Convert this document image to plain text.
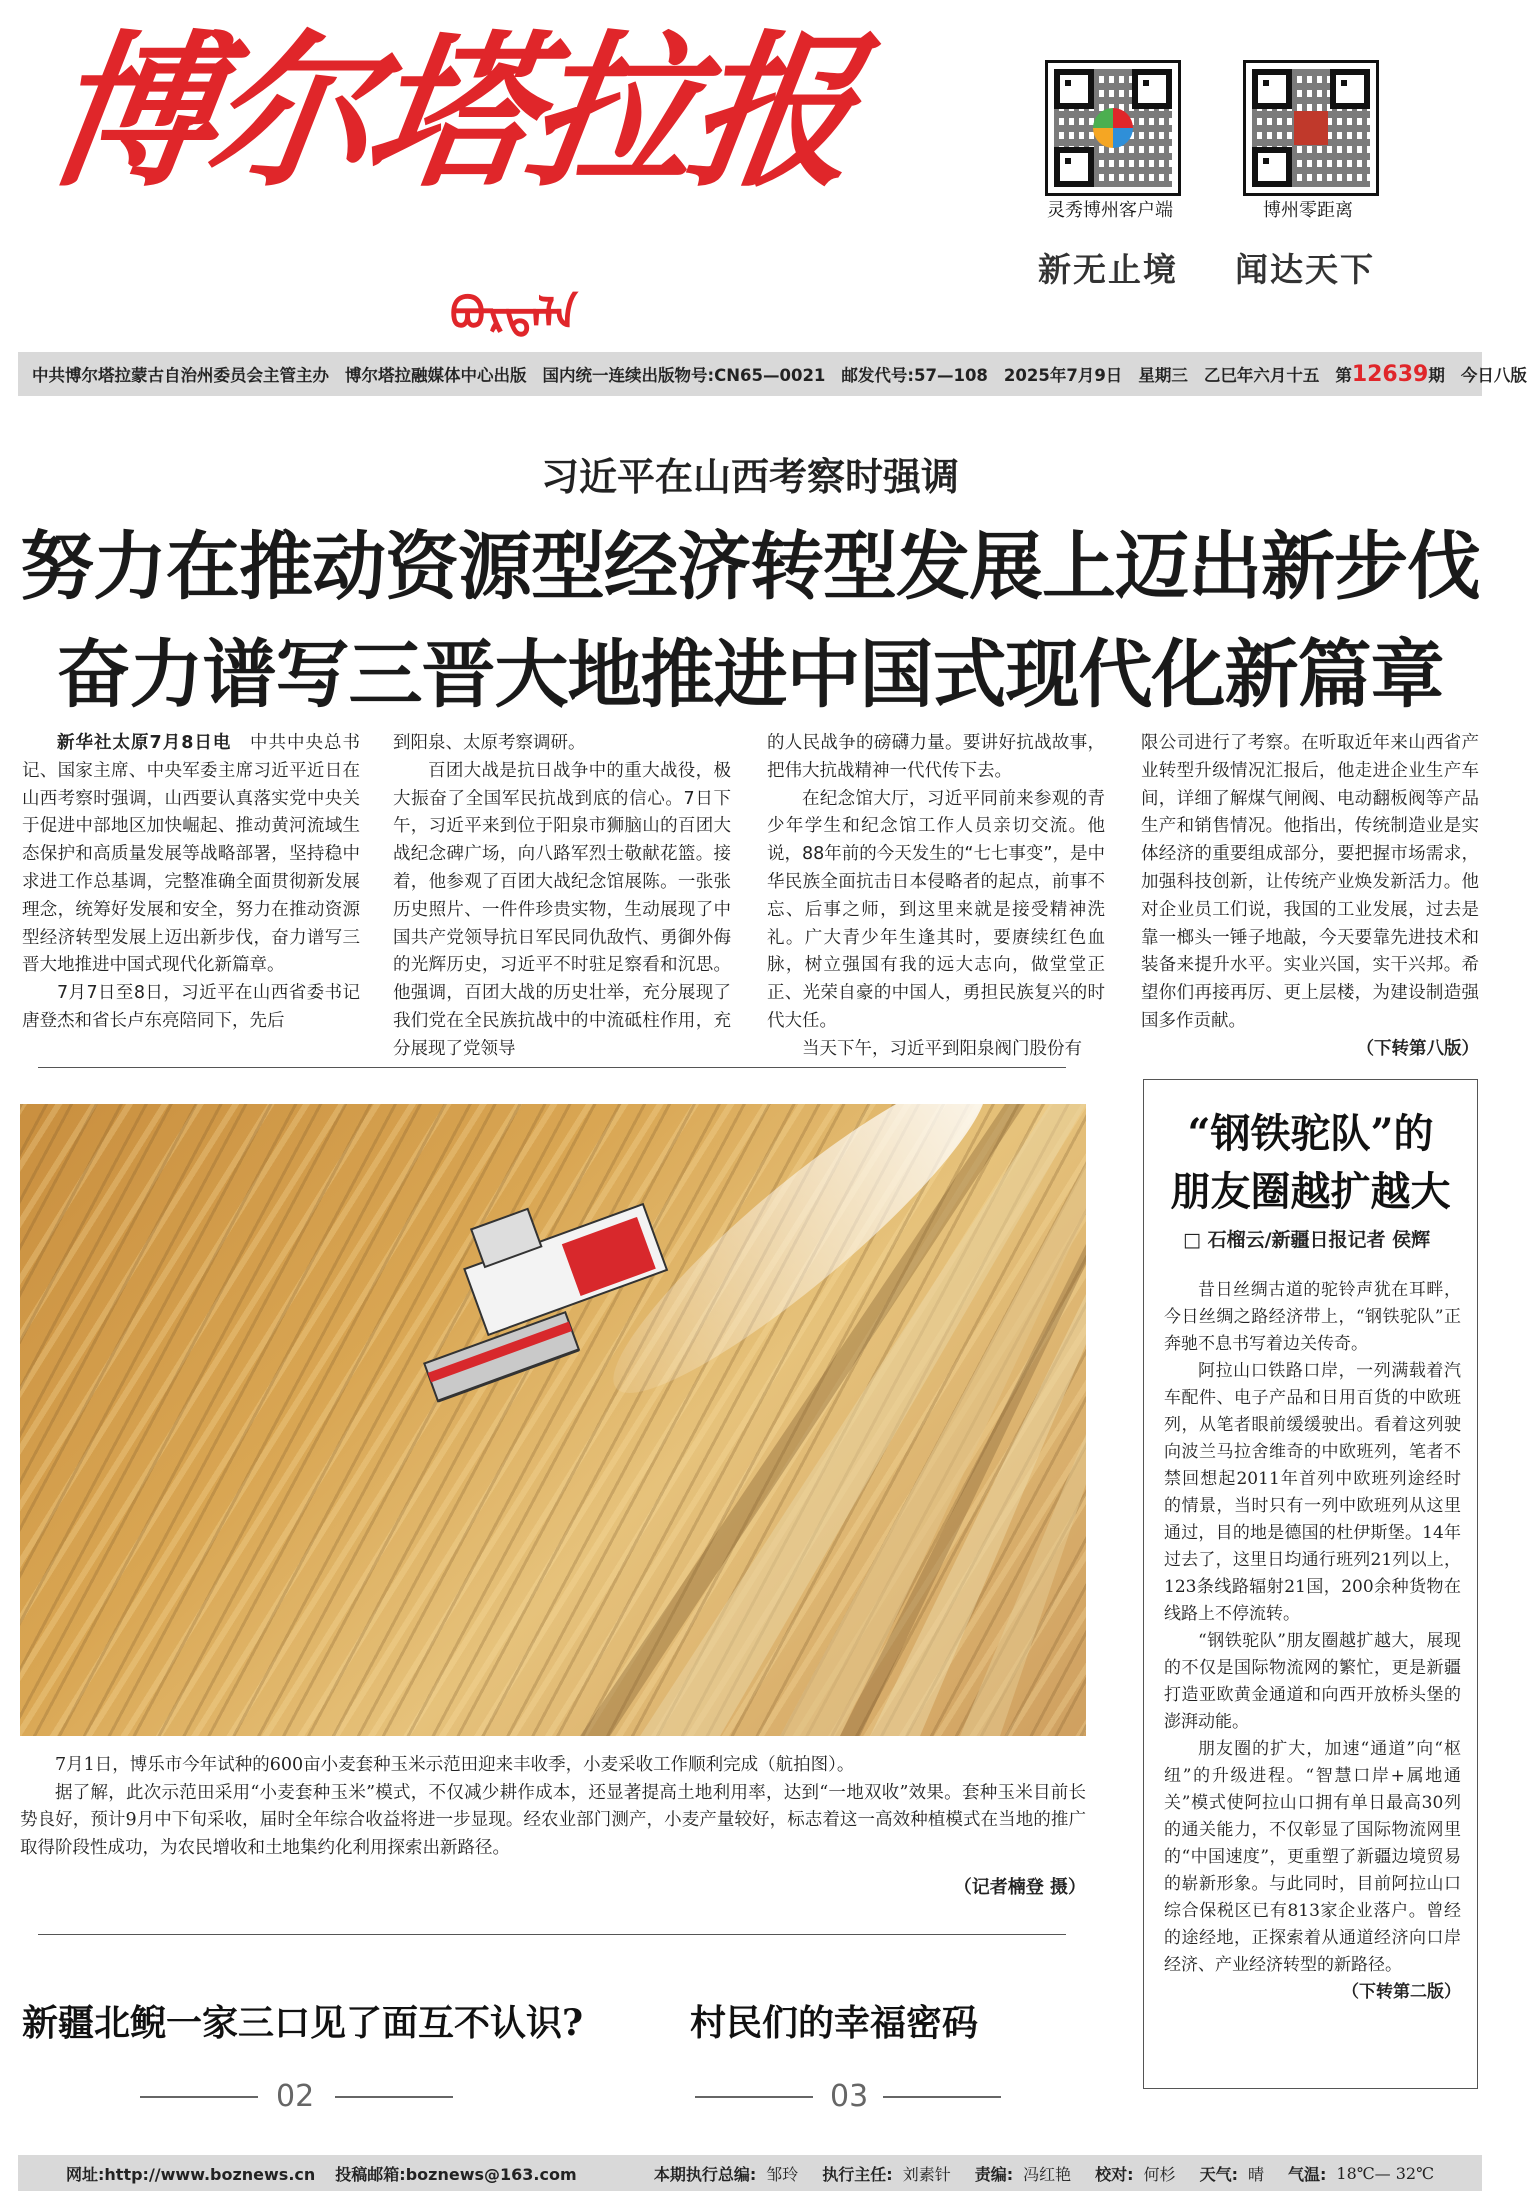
博尔塔拉报
ᠪᠣᠷᠲᠠᠯᠠ
灵秀博州客户端	博州零距离
新无止境 闻达天下
中共博尔塔拉蒙古自治州委员会主管主办 博尔塔拉融媒体中心出版 国内统一连续出版物号:CN65—0021 邮发代号:57—108 2025年7月9日 星期三 乙巳年六月十五 第12639期 今日八版
习近平在山西考察时强调
努力在推动资源型经济转型发展上迈出新步伐
奋力谱写三晋大地推进中国式现代化新篇章

新华社太原7月8日电  中共中央总书记、国家主席、中央军委主席习近平近日在山西考察时强调，山西要认真落实党中央关于促进中部地区加快崛起、推动黄河流域生态保护和高质量发展等战略部署，坚持稳中求进工作总基调，完整准确全面贯彻新发展理念，统筹好发展和安全，努力在推动资源型经济转型发展上迈出新步伐，奋力谱写三晋大地推进中国式现代化新篇章。

7月7日至8日，习近平在山西省委书记唐登杰和省长卢东亮陪同下，先后

到阳泉、太原考察调研。

百团大战是抗日战争中的重大战役，极大振奋了全国军民抗战到底的信心。7日下午，习近平来到位于阳泉市狮脑山的百团大战纪念碑广场，向八路军烈士敬献花篮。接着，他参观了百团大战纪念馆展陈。一张张历史照片、一件件珍贵实物，生动展现了中国共产党领导抗日军民同仇敌忾、勇御外侮的光辉历史，习近平不时驻足察看和沉思。他强调，百团大战的历史壮举，充分展现了我们党在全民族抗战中的中流砥柱作用，充分展现了党领导

的人民战争的磅礴力量。要讲好抗战故事，把伟大抗战精神一代代传下去。

在纪念馆大厅，习近平同前来参观的青少年学生和纪念馆工作人员亲切交流。他说，88年前的今天发生的“七七事变”，是中华民族全面抗击日本侵略者的起点，前事不忘、后事之师，到这里来就是接受精神洗礼。广大青少年生逢其时，要赓续红色血脉，树立强国有我的远大志向，做堂堂正正、光荣自豪的中国人，勇担民族复兴的时代大任。

当天下午，习近平到阳泉阀门股份有

限公司进行了考察。在听取近年来山西省产业转型升级情况汇报后，他走进企业生产车间，详细了解煤气闸阀、电动翻板阀等产品生产和销售情况。他指出，传统制造业是实体经济的重要组成部分，要把握市场需求，加强科技创新，让传统产业焕发新活力。他对企业员工们说，我国的工业发展，过去是靠一榔头一锤子地敲，今天要靠先进技术和装备来提升水平。实业兴国，实干兴邦。希望你们再接再厉、更上层楼，为建设制造强国多作贡献。

（下转第八版）

7月1日，博乐市今年试种的600亩小麦套种玉米示范田迎来丰收季，小麦采收工作顺利完成（航拍图）。

据了解，此次示范田采用“小麦套种玉米”模式，不仅减少耕作成本，还显著提高土地利用率，达到“一地双收”效果。套种玉米目前长势良好，预计9月中下旬采收，届时全年综合收益将进一步显现。经农业部门测产，小麦产量较好，标志着这一高效种植模式在当地的推广取得阶段性成功，为农民增收和土地集约化利用探索出新路径。

（记者楠登 摄）
“钢铁驼队”的
朋友圈越扩越大
□ 石榴云/新疆日报记者 侯辉

昔日丝绸古道的驼铃声犹在耳畔，今日丝绸之路经济带上，“钢铁驼队”正奔驰不息书写着边关传奇。

阿拉山口铁路口岸，一列满载着汽车配件、电子产品和日用百货的中欧班列，从笔者眼前缓缓驶出。看着这列驶向波兰马拉舍维奇的中欧班列，笔者不禁回想起2011年首列中欧班列途经时的情景，当时只有一列中欧班列从这里通过，目的地是德国的杜伊斯堡。14年过去了，这里日均通行班列21列以上，123条线路辐射21国，200余种货物在线路上不停流转。

“钢铁驼队”朋友圈越扩越大，展现的不仅是国际物流网的繁忙，更是新疆打造亚欧黄金通道和向西开放桥头堡的澎湃动能。

朋友圈的扩大，加速“通道”向“枢纽”的升级进程。“智慧口岸+属地通关”模式使阿拉山口拥有单日最高30列的通关能力，不仅彰显了国际物流网里的“中国速度”，更重塑了新疆边境贸易的崭新形象。与此同时，目前阿拉山口综合保税区已有813家企业落户。曾经的途经地，正探索着从通道经济向口岸经济、产业经济转型的新路径。

（下转第二版）
新疆北鲵一家三口见了面互不认识?
02
村民们的幸福密码
03
网址:http://www.boznews.cn 投稿邮箱:boznews@163.com	本期执行总编: 邹玲 执行主任: 刘素针 责编: 冯红艳 校对: 何杉 天气: 晴 气温: 18℃— 32℃
